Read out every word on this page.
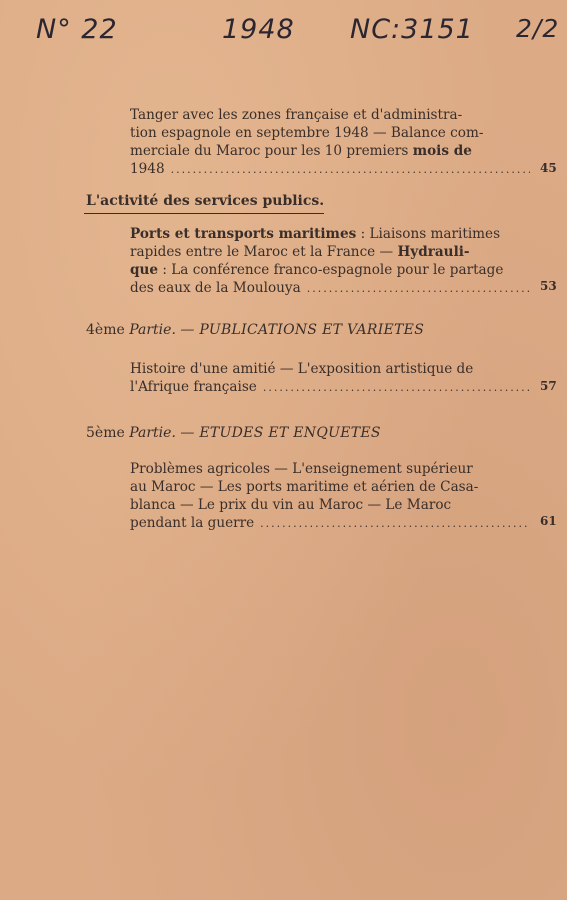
N° 22	1948 NC:3151 2/2
Tanger avec les zones française et d'administra-
tion espagnole en septembre 1948 — Balance com-
merciale du Maroc pour les 10 premiers mois de
1948 .....	45
L'activité des services publics.
Ports et transports maritimes : Liaisons maritimes
rapides entre le Maroc et la France — Hydrauli-
que : La conférence franco-espagnole pour le partage
des eaux de la Moulouya .....	53
4ème Partie. — PUBLICATIONS ET VARIETES
Histoire d'une amitié — L'exposition artistique de
l'Afrique française .....	57
5ème Partie. — ETUDES ET ENQUETES
Problèmes agricoles — L'enseignement supérieur
au Maroc — Les ports maritime et aérien de Casa-
blanca — Le prix du vin au Maroc — Le Maroc
pendant la guerre .....	61
